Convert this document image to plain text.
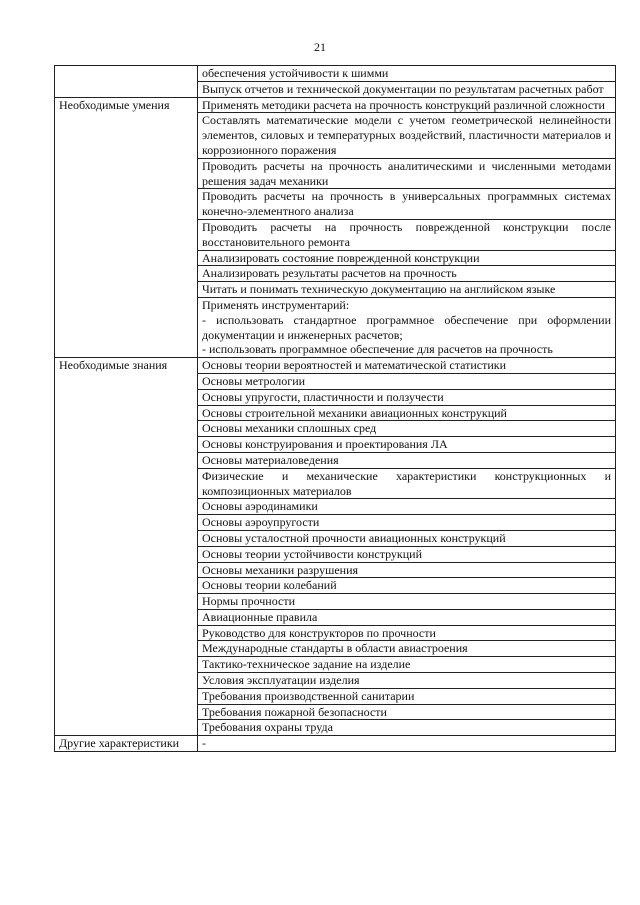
21
	обеспечения устойчивости к шимми
	Выпуск отчетов и технической документации по результатам расчетных работ
Необходимые умения	Применять методики расчета на прочность конструкций различной сложности
	Составлять математические модели с учетом геометрической нелинейности элементов, силовых и температурных воздействий, пластичности материалов и коррозионного поражения
	Проводить расчеты на прочность аналитическими и численными методами решения задач механики
	Проводить расчеты на прочность в универсальных программных системах конечно-элементного анализа
	Проводить расчеты на прочность поврежденной конструкции после восстановительного ремонта
	Анализировать состояние поврежденной конструкции
	Анализировать результаты расчетов на прочность
	Читать и понимать техническую документацию на английском языке

	Применять инструментарий:
- использовать стандартное программное обеспечение при оформлении документации и инженерных расчетов;
- использовать программное обеспечение для расчетов на прочность

Необходимые знания	Основы теории вероятностей и математической статистики
	Основы метрологии
	Основы упругости, пластичности и ползучести
	Основы строительной механики авиационных конструкций
	Основы механики сплошных сред
	Основы конструирования и проектирования ЛА
	Основы материаловедения
	Физические и механические характеристики конструкционных и композиционных материалов
	Основы аэродинамики
	Основы аэроупругости
	Основы усталостной прочности авиационных конструкций
	Основы теории устойчивости конструкций
	Основы механики разрушения
	Основы теории колебаний
	Нормы прочности
	Авиационные правила
	Руководство для конструкторов по прочности
	Международные стандарты в области авиастроения
	Тактико-техническое задание на изделие
	Условия эксплуатации изделия
	Требования производственной санитарии
	Требования пожарной безопасности
	Требования охраны труда
Другие характеристики	-
